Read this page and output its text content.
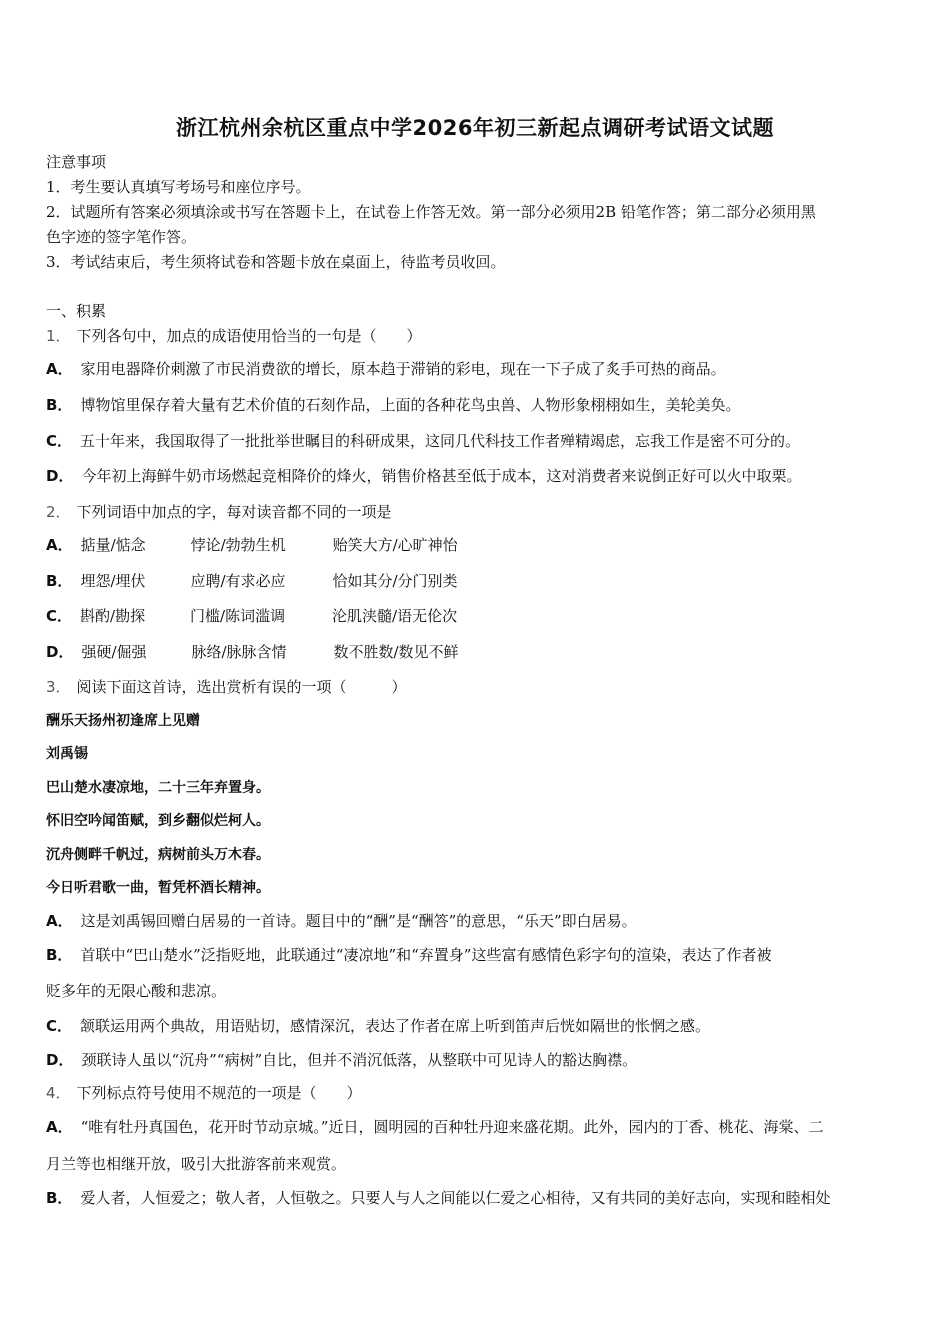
浙江杭州余杭区重点中学2026年初三新起点调研考试语文试题
注意事项
1．考生要认真填写考场号和座位序号。
2．试题所有答案必须填涂或书写在答题卡上，在试卷上作答无效。第一部分必须用2B 铅笔作答；第二部分必须用黑
色字迹的签字笔作答。
3．考试结束后，考生须将试卷和答题卡放在桌面上，待监考员收回。
一、积累
1． 下列各句中，加点的成语使用恰当的一句是（　　）
A． 家用电器降价刺激了市民消费欲的增长，原本趋于滞销的彩电，现在一下子成了炙手可热的商品。
B． 博物馆里保存着大量有艺术价值的石刻作品，上面的各种花鸟虫兽、人物形象栩栩如生，美轮美奂。
C． 五十年来，我国取得了一批批举世瞩目的科研成果，这同几代科技工作者殚精竭虑，忘我工作是密不可分的。
D． 今年初上海鲜牛奶市场燃起竞相降价的烽火，销售价格甚至低于成本，这对消费者来说倒正好可以火中取栗。
2． 下列词语中加点的字，每对读音都不同的一项是
A． 掂量/惦念	悖论/勃勃生机	贻笑大方/心旷神怡
B． 埋怨/埋伏	应聘/有求必应	恰如其分/分门别类
C． 斟酌/勘探	门槛/陈词滥调	沦肌浃髓/语无伦次
D． 强硬/倔强	脉络/脉脉含情	数不胜数/数见不鲜
3． 阅读下面这首诗，选出赏析有误的一项（　　　）
酬乐天扬州初逢席上见赠
刘禹锡
巴山楚水凄凉地，二十三年弃置身。
怀旧空吟闻笛赋，到乡翻似烂柯人。
沉舟侧畔千帆过，病树前头万木春。
今日听君歌一曲，暂凭杯酒长精神。
A． 这是刘禹锡回赠白居易的一首诗。题目中的“酬”是“酬答”的意思，“乐天”即白居易。
B． 首联中“巴山楚水”泛指贬地，此联通过“凄凉地”和“弃置身”这些富有感情色彩字句的渲染，表达了作者被
贬多年的无限心酸和悲凉。
C． 颔联运用两个典故，用语贴切，感情深沉，表达了作者在席上听到笛声后恍如隔世的怅惘之感。
D． 颈联诗人虽以“沉舟”“病树”自比，但并不消沉低落，从整联中可见诗人的豁达胸襟。
4． 下列标点符号使用不规范的一项是（　　）
A． “唯有牡丹真国色，花开时节动京城。”近日，圆明园的百种牡丹迎来盛花期。此外，园内的丁香、桃花、海棠、二
月兰等也相继开放，吸引大批游客前来观赏。
B． 爱人者，人恒爱之；敬人者，人恒敬之。只要人与人之间能以仁爱之心相待，又有共同的美好志向，实现和睦相处
